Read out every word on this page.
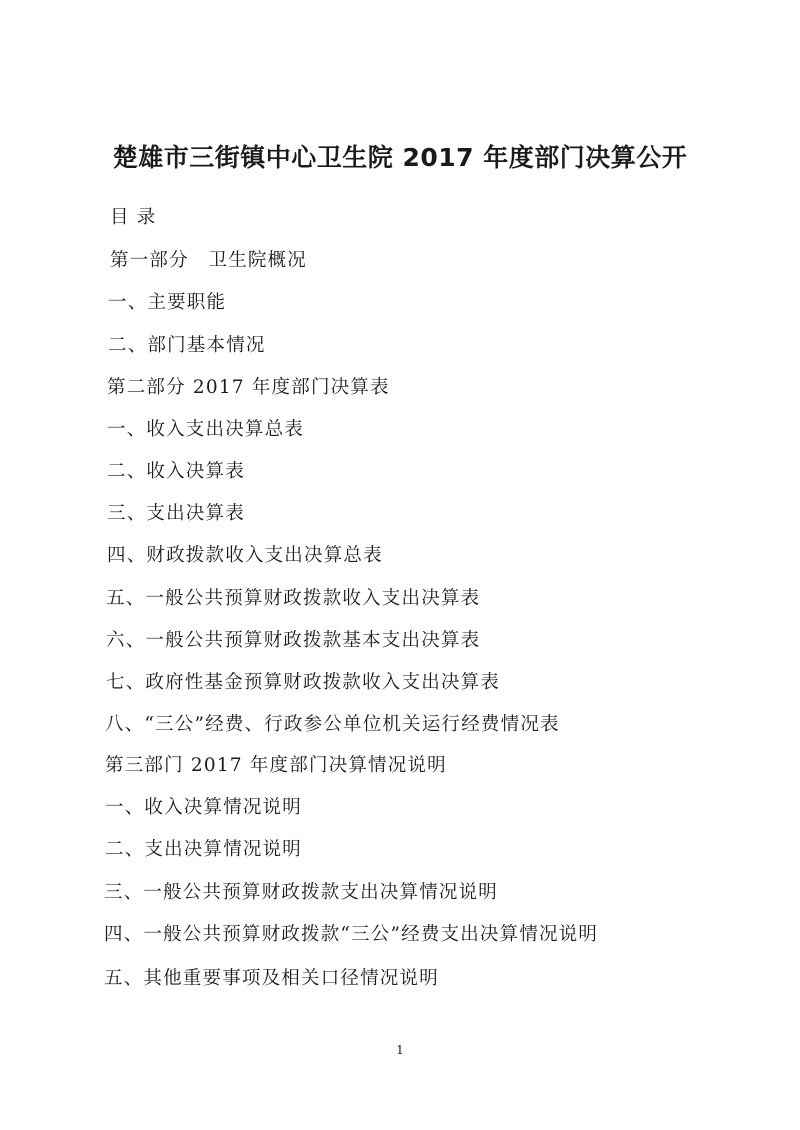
楚雄市三街镇中心卫生院 2017 年度部门决算公开
目 录
第一部分　卫生院概况
一、主要职能
二、部门基本情况
第二部分 2017 年度部门决算表
一、收入支出决算总表
二、收入决算表
三、支出决算表
四、财政拨款收入支出决算总表
五、一般公共预算财政拨款收入支出决算表
六、一般公共预算财政拨款基本支出决算表
七、政府性基金预算财政拨款收入支出决算表
八、“三公”经费、行政参公单位机关运行经费情况表
第三部门 2017 年度部门决算情况说明
一、收入决算情况说明
二、支出决算情况说明
三、一般公共预算财政拨款支出决算情况说明
四、一般公共预算财政拨款“三公”经费支出决算情况说明
五、其他重要事项及相关口径情况说明
1
